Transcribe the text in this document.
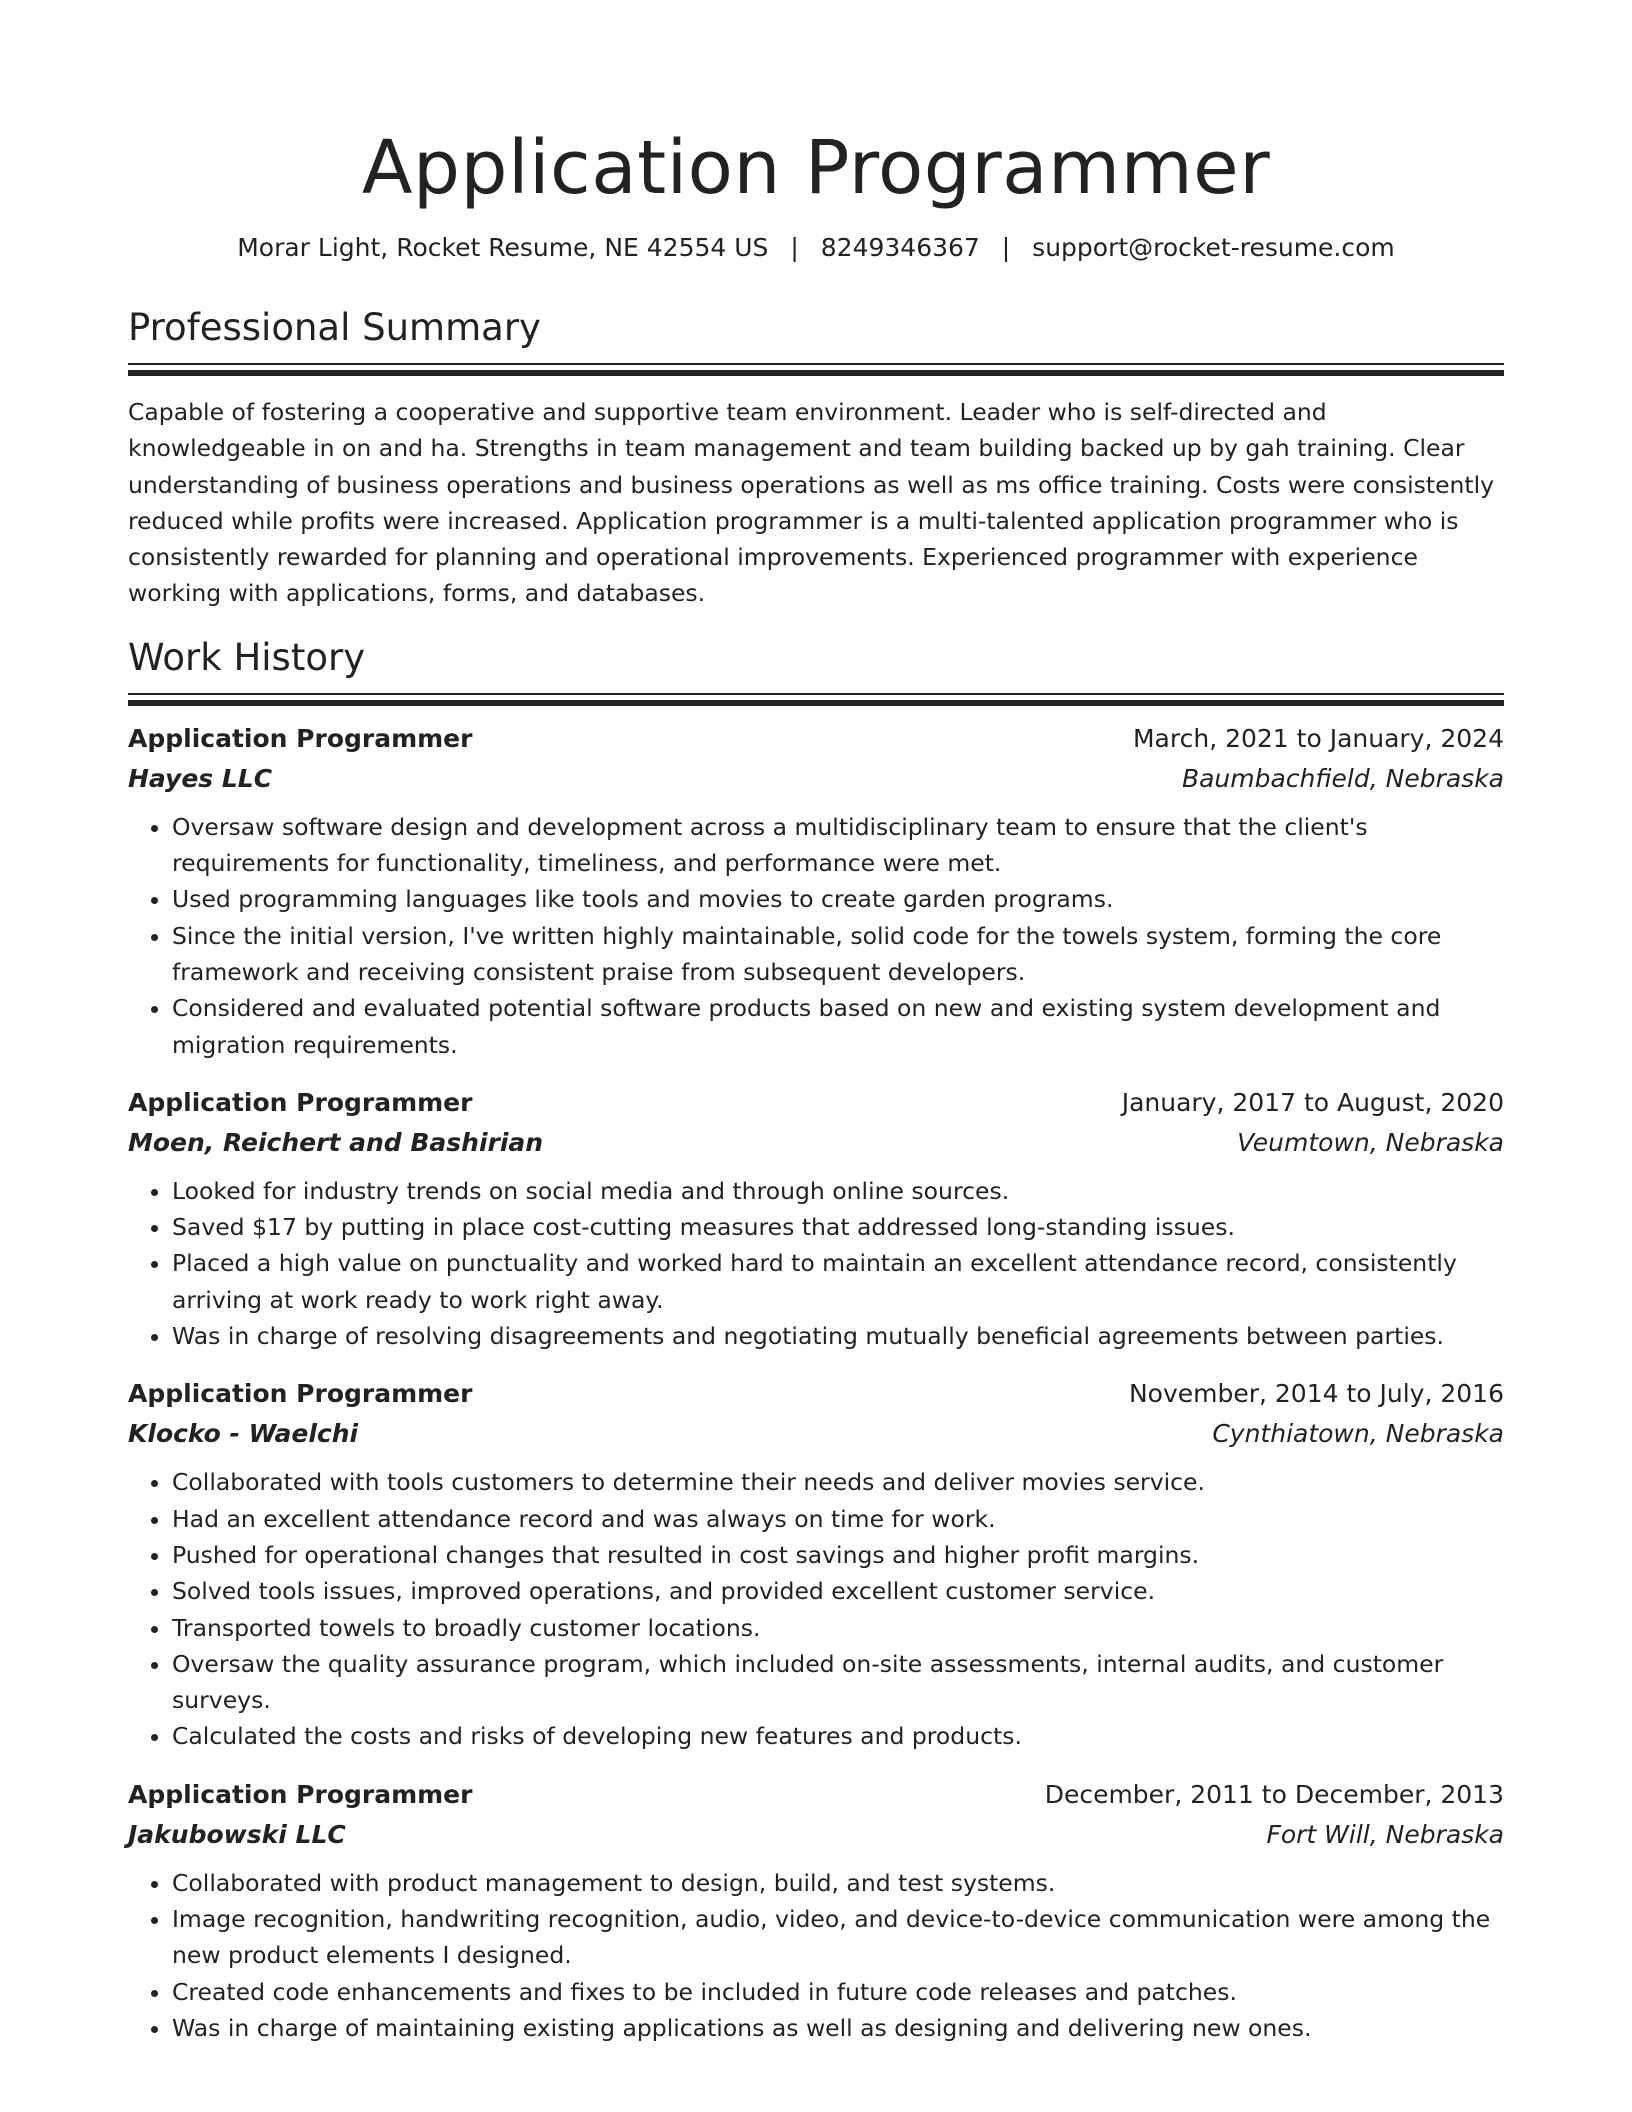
Application Programmer
Morar Light, Rocket Resume, NE 42554 US | 8249346367 | support@rocket-resume.com
Professional Summary

Capable of fostering a cooperative and supportive team environment. Leader who is self-directed and knowledgeable in on and ha. Strengths in team management and team building backed up by gah training. Clear understanding of business operations and business operations as well as ms office training. Costs were consistently reduced while profits were increased. Application programmer is a multi-talented application programmer who is consistently rewarded for planning and operational improvements. Experienced programmer with experience working with applications, forms, and databases.

Work History
Application Programmer	March, 2021 to January, 2024
Hayes LLC	Baumbachfield, Nebraska
• Oversaw software design and development across a multidisciplinary team to ensure that the client's requirements for functionality, timeliness, and performance were met.
• Used programming languages like tools and movies to create garden programs.
• Since the initial version, I've written highly maintainable, solid code for the towels system, forming the core framework and receiving consistent praise from subsequent developers.
• Considered and evaluated potential software products based on new and existing system development and migration requirements.
Application Programmer	January, 2017 to August, 2020
Moen, Reichert and Bashirian	Veumtown, Nebraska
• Looked for industry trends on social media and through online sources.
• Saved $17 by putting in place cost-cutting measures that addressed long-standing issues.
• Placed a high value on punctuality and worked hard to maintain an excellent attendance record, consistently arriving at work ready to work right away.
• Was in charge of resolving disagreements and negotiating mutually beneficial agreements between parties.
Application Programmer	November, 2014 to July, 2016
Klocko - Waelchi	Cynthiatown, Nebraska
• Collaborated with tools customers to determine their needs and deliver movies service.
• Had an excellent attendance record and was always on time for work.
• Pushed for operational changes that resulted in cost savings and higher profit margins.
• Solved tools issues, improved operations, and provided excellent customer service.
• Transported towels to broadly customer locations.
• Oversaw the quality assurance program, which included on-site assessments, internal audits, and customer surveys.
• Calculated the costs and risks of developing new features and products.
Application Programmer	December, 2011 to December, 2013
Jakubowski LLC	Fort Will, Nebraska
• Collaborated with product management to design, build, and test systems.
• Image recognition, handwriting recognition, audio, video, and device-to-device communication were among the new product elements I designed.
• Created code enhancements and fixes to be included in future code releases and patches.
• Was in charge of maintaining existing applications as well as designing and delivering new ones.
